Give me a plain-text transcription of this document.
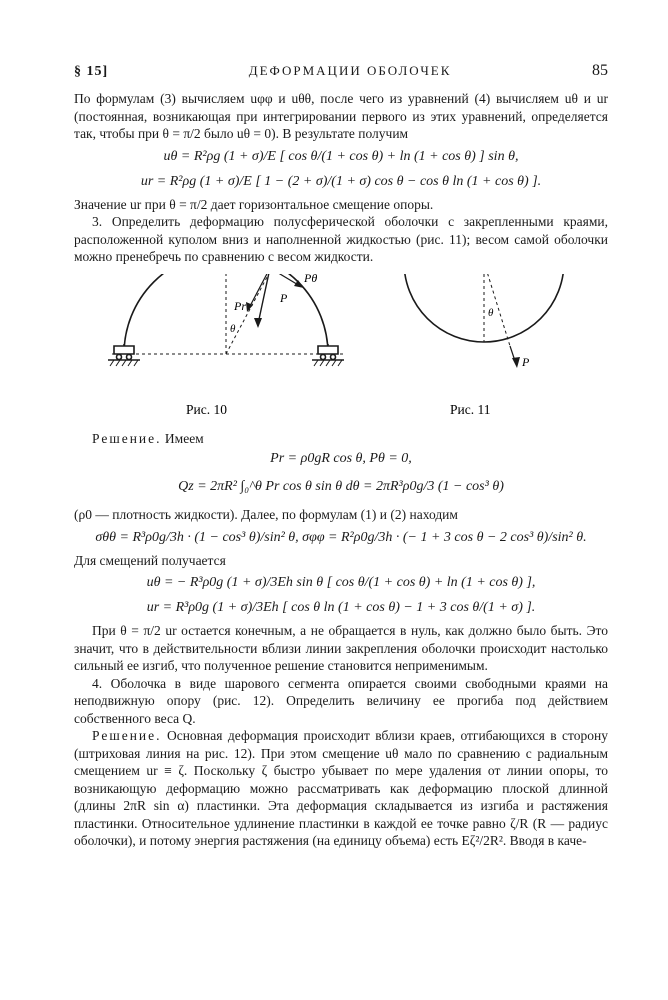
§ 15]	ДЕФОРМАЦИИ ОБОЛОЧЕК	85

По формулам (3) вычисляем uφφ и uθθ, после чего из уравнений (4) вычисляем uθ и ur (постоянная, возникающая при интегрировании первого из этих уравнений, определяется так, чтобы при θ = π/2 было uθ = 0). В результате получим

uθ = R²ρg (1 + σ)/E [ cos θ/(1 + cos θ) + ln (1 + cos θ) ] sin θ,
ur = R²ρg (1 + σ)/E [ 1 − (2 + σ)/(1 + σ) cos θ − cos θ ln (1 + cos θ) ].

Значение ur при θ = π/2 дает горизонтальное смещение опоры.

3. Определить деформацию полусферической оболочки с закрепленными краями, расположенной куполом вниз и наполненной жидкостью (рис. 11); весом самой оболочки можно пренебречь по сравнению с весом жидкости.

P
Pr
Pθ
θ
P
θ
Рис. 10	Рис. 11

Решение. Имеем

Pr = ρ0gR cos θ, Pθ = 0,
Qz = 2πR² ∫₀^θ Pr cos θ sin θ dθ = 2πR³ρ0g/3 (1 − cos³ θ)

(ρ0 — плотность жидкости). Далее, по формулам (1) и (2) находим

σθθ = R³ρ0g/3h · (1 − cos³ θ)/sin² θ, σφφ = R²ρ0g/3h · (− 1 + 3 cos θ − 2 cos³ θ)/sin² θ.

Для смещений получается

uθ = − R³ρ0g (1 + σ)/3Eh sin θ [ cos θ/(1 + cos θ) + ln (1 + cos θ) ],
ur = R³ρ0g (1 + σ)/3Eh [ cos θ ln (1 + cos θ) − 1 + 3 cos θ/(1 + σ) ].

При θ = π/2 ur остается конечным, а не обращается в нуль, как должно было быть. Это значит, что в действительности вблизи линии закрепления оболочки происходит настолько сильный ее изгиб, что полученное решение становится неприменимым.

4. Оболочка в виде шарового сегмента опирается своими свободными краями на неподвижную опору (рис. 12). Определить величину ее прогиба под действием собственного веса Q.

Решение. Основная деформация происходит вблизи краев, отгибающихся в сторону (штриховая линия на рис. 12). При этом смещение uθ мало по сравнению с радиальным смещением ur ≡ ζ. Поскольку ζ быстро убывает по мере удаления от линии опоры, то возникающую деформацию можно рассматривать как деформацию плоской длинной (длины 2πR sin α) пластинки. Эта деформация складывается из изгиба и растяжения пластинки. Относительное удлинение пластинки в каждой ее точке равно ζ/R (R — радиус оболочки), и потому энергия растяжения (на единицу объема) есть Eζ²/2R². Вводя в каче-
